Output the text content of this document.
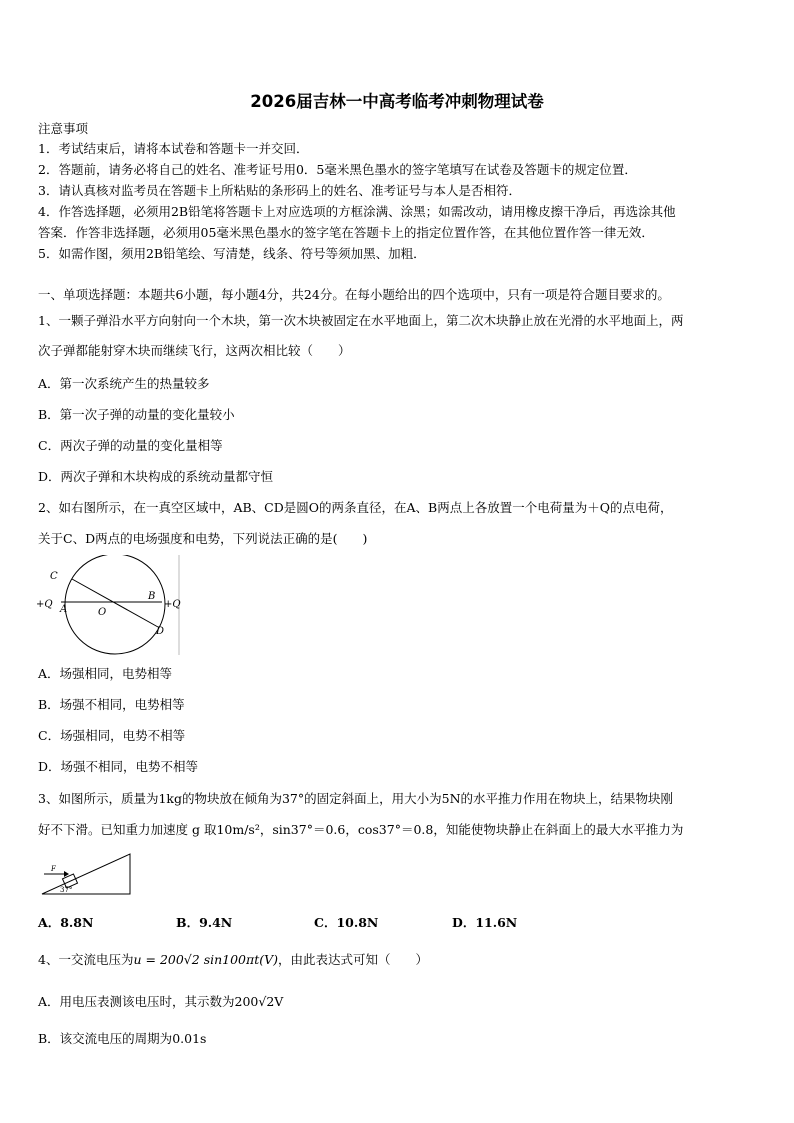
2026届吉林一中高考临考冲刺物理试卷
注意事项
1．考试结束后，请将本试卷和答题卡一并交回．
2．答题前，请务必将自己的姓名、准考证号用0．5毫米黑色墨水的签字笔填写在试卷及答题卡的规定位置．
3．请认真核对监考员在答题卡上所粘贴的条形码上的姓名、准考证号与本人是否相符．
4．作答选择题，必须用2B铅笔将答题卡上对应选项的方框涂满、涂黑；如需改动，请用橡皮擦干净后，再选涂其他
答案．作答非选择题，必须用05毫米黑色墨水的签字笔在答题卡上的指定位置作答，在其他位置作答一律无效．
5．如需作图，须用2B铅笔绘、写清楚，线条、符号等须加黑、加粗．
一、单项选择题：本题共6小题，每小题4分，共24分。在每小题给出的四个选项中，只有一项是符合题目要求的。
1、一颗子弹沿水平方向射向一个木块，第一次木块被固定在水平地面上，第二次木块静止放在光滑的水平地面上，两
次子弹都能射穿木块而继续飞行，这两次相比较（　　）
A．第一次系统产生的热量较多
B．第一次子弹的动量的变化量较小
C．两次子弹的动量的变化量相等
D．两次子弹和木块构成的系统动量都守恒
2、如右图所示，在一真空区域中，AB、CD是圆O的两条直径，在A、B两点上各放置一个电荷量为＋Q的点电荷，
关于C、D两点的电场强度和电势，下列说法正确的是(　　)
C
+Q A	O
B
+Q
D
A．场强相同，电势相等
B．场强不相同，电势相等
C．场强相同，电势不相等
D．场强不相同，电势不相等
3、如图所示，质量为1kg的物块放在倾角为37°的固定斜面上，用大小为5N的水平推力作用在物块上，结果物块刚
好不下滑。已知重力加速度 g 取10m/s²，sin37°＝0.6，cos37°＝0.8，知能使物块静止在斜面上的最大水平推力为
F
37°
A．8.8N	B．9.4N	C．10.8N	D．11.6N
4、一交流电压为u = 200√2 sin100πt(V)，由此表达式可知（　　）
A．用电压表测该电压时，其示数为200√2V
B．该交流电压的周期为0.01s
